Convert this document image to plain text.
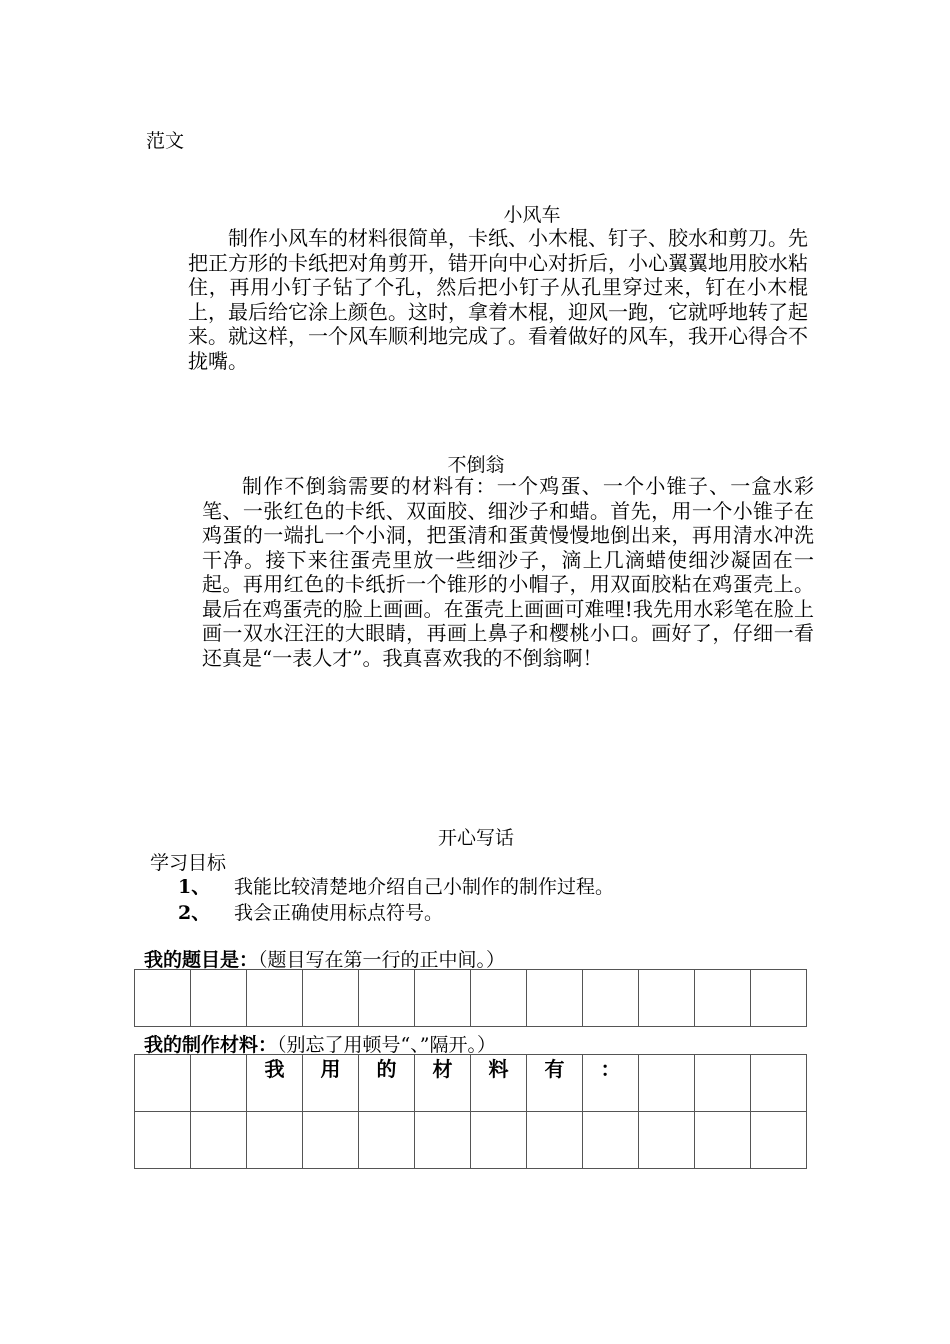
范文
小风车

制作小风车的材料很简单，卡纸、小木棍、钉子、胶水和剪刀。先把正方形的卡纸把对角剪开，错开向中心对折后，小心翼翼地用胶水粘住，再用小钉子钻了个孔，然后把小钉子从孔里穿过来，钉在小木棍上，最后给它涂上颜色。这时，拿着木棍，迎风一跑，它就呼地转了起来。就这样，一个风车顺利地完成了。看着做好的风车，我开心得合不拢嘴。

不倒翁

制作不倒翁需要的材料有：一个鸡蛋、一个小锥子、一盒水彩笔、一张红色的卡纸、双面胶、细沙子和蜡。首先，用一个小锥子在鸡蛋的一端扎一个小洞，把蛋清和蛋黄慢慢地倒出来，再用清水冲洗干净。接下来往蛋壳里放一些细沙子，滴上几滴蜡使细沙凝固在一起。再用红色的卡纸折一个锥形的小帽子，用双面胶粘在鸡蛋壳上。最后在鸡蛋壳的脸上画画。在蛋壳上画画可难哩!我先用水彩笔在脸上画一双水汪汪的大眼睛，再画上鼻子和樱桃小口。画好了，仔细一看还真是“一表人才”。我真喜欢我的不倒翁啊！

开心写话
学习目标
1、 我能比较清楚地介绍自己小制作的制作过程。
2、 我会正确使用标点符号。
我的题目是：（题目写在第一行的正中间。）

我的制作材料：（别忘了用顿号“、”隔开。）
		我	用	的	材	料	有	：			
